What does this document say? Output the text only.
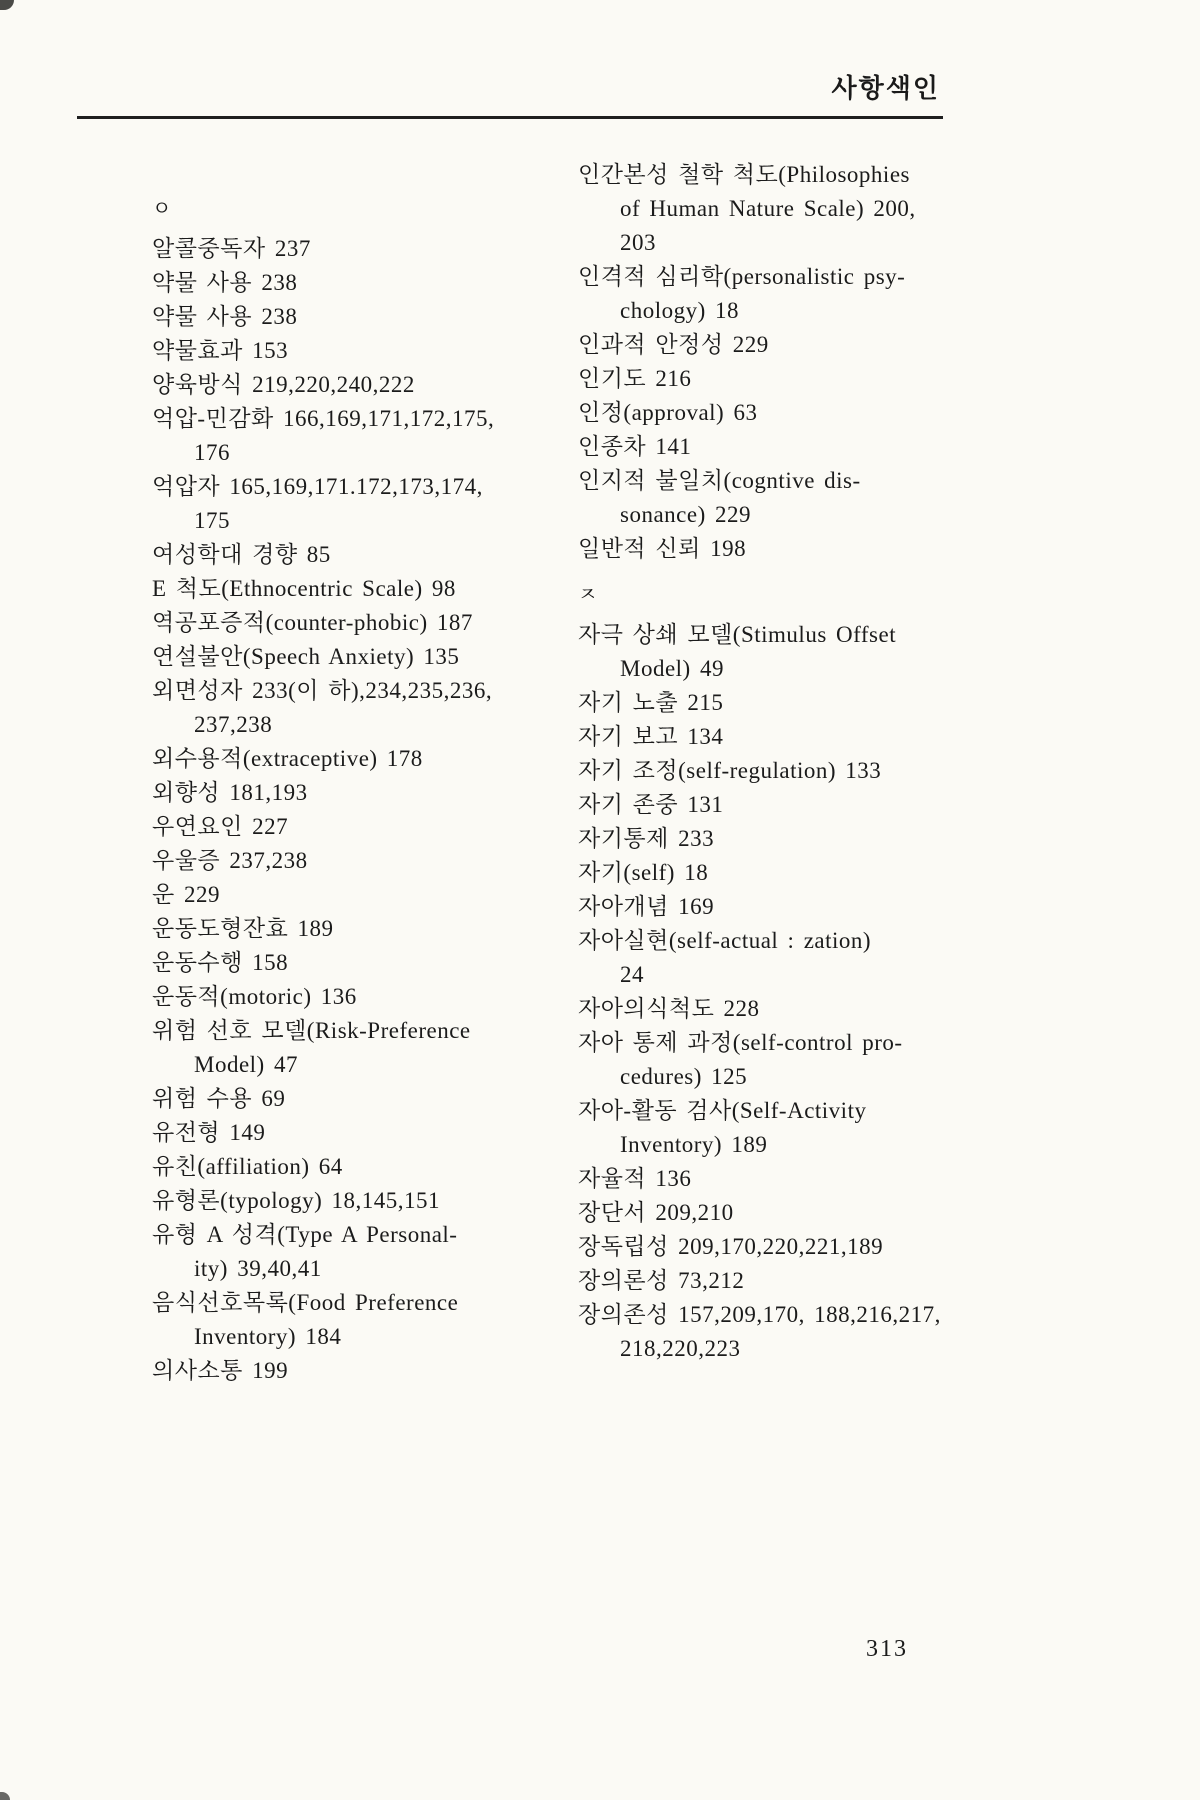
사항색인
ㅇ
알콜중독자 237
약물 사용 238
약물 사용 238
약물효과 153
양육방식 219,220,240,222
억압-민감화 166,169,171,172,175,
176
억압자 165,169,171.172,173,174,
175
여성학대 경향 85
E 척도(Ethnocentric Scale) 98
역공포증적(counter-phobic) 187
연설불안(Speech Anxiety) 135
외면성자 233(이 하),234,235,236,
237,238
외수용적(extraceptive) 178
외향성 181,193
우연요인 227
우울증 237,238
운 229
운동도형잔효 189
운동수행 158
운동적(motoric) 136
위험 선호 모델(Risk-Preference
Model) 47
위험 수용 69
유전형 149
유친(affiliation) 64
유형론(typology) 18,145,151
유형 A 성격(Type A Personal-
ity) 39,40,41
음식선호목록(Food Preference
Inventory) 184
의사소통 199
인간본성 철학 척도(Philosophies
of Human Nature Scale) 200,
203
인격적 심리학(personalistic psy-
chology) 18
인과적 안정성 229
인기도 216
인정(approval) 63
인종차 141
인지적 불일치(cogntive dis-
sonance) 229
일반적 신뢰 198
ㅈ
자극 상쇄 모델(Stimulus Offset
Model) 49
자기 노출 215
자기 보고 134
자기 조정(self-regulation) 133
자기 존중 131
자기통제 233
자기(self) 18
자아개념 169
자아실현(self-actual : zation)
24
자아의식척도 228
자아 통제 과정(self-control pro-
cedures) 125
자아-활동 검사(Self-Activity
Inventory) 189
자율적 136
장단서 209,210
장독립성 209,170,220,221,189
장의론성 73,212
장의존성 157,209,170, 188,216,217,
218,220,223
313
